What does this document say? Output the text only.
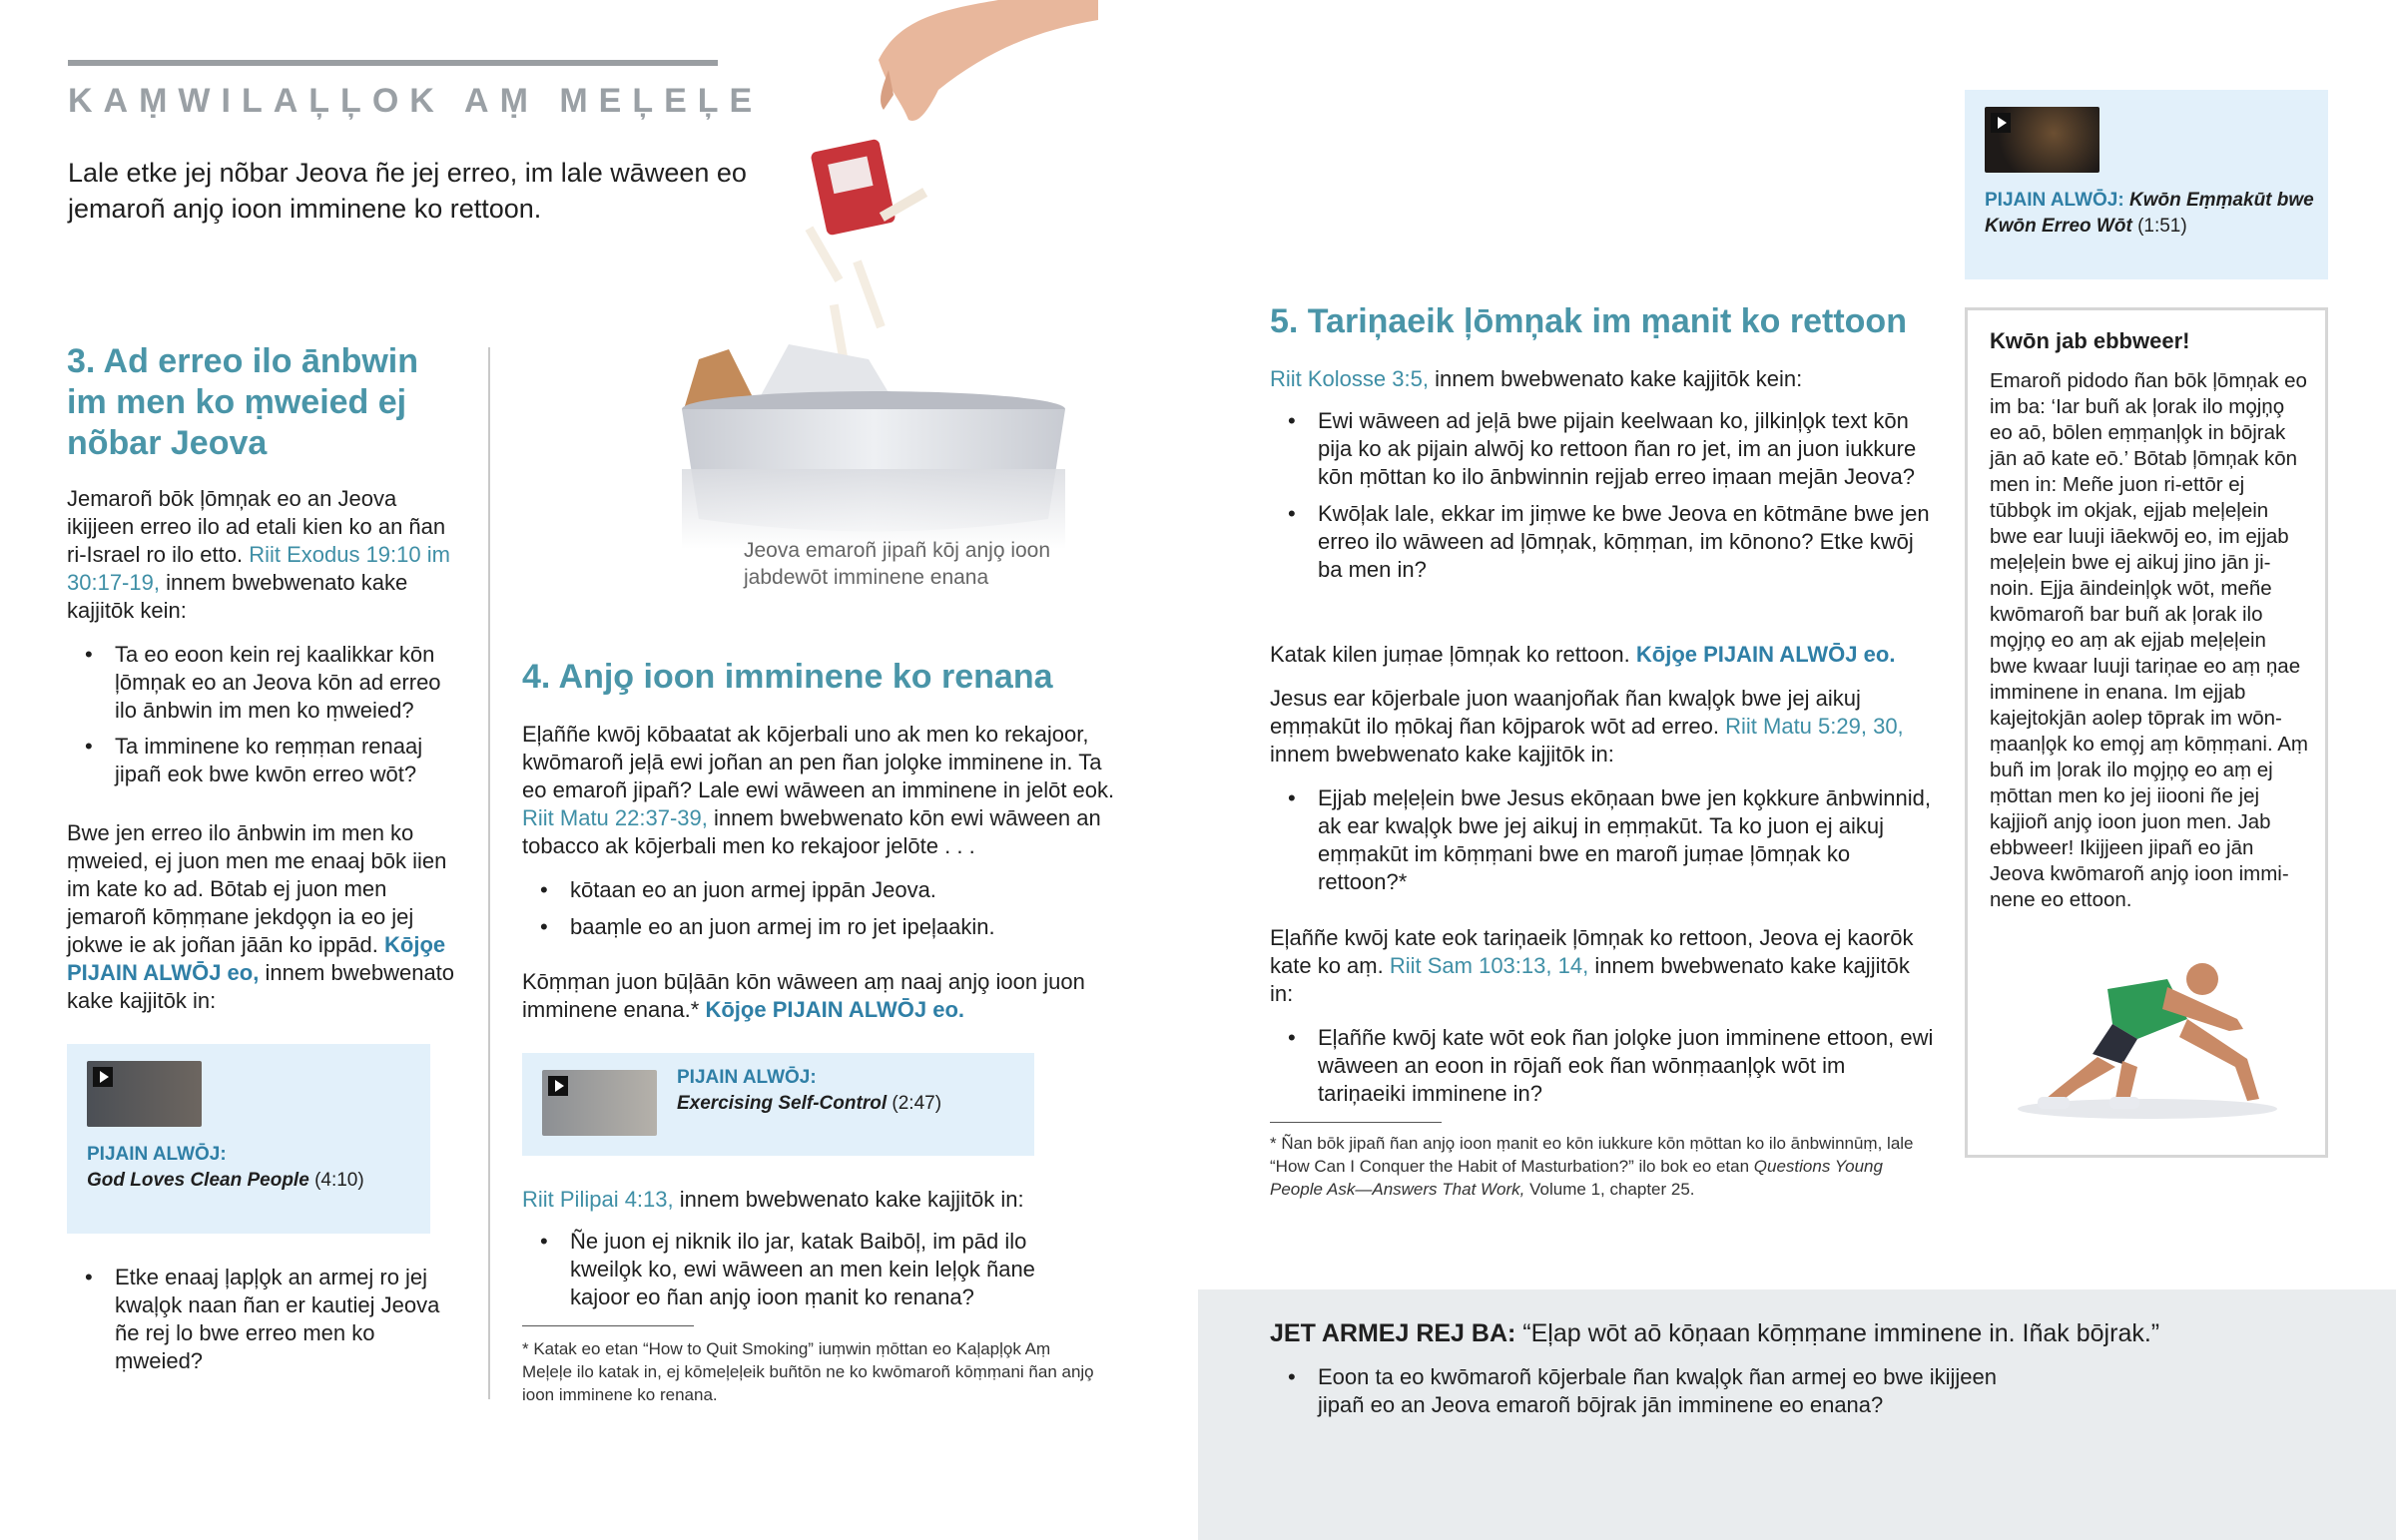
KAṂWILAĻĻOK AṂ MEĻEĻE

Lale etke jej nõbar Jeova ñe jej erreo, im lale wāween eo jemaroñ anjo̧ ioon imminene ko rettoon.

Jeova emaroñ jipañ kōj anjo̧ ioon jabdewōt imminene enana

3. Ad erreo ilo ānbwin im men ko ṃweied ej nõbar Jeova

Jemaroñ bōk ļōmņak eo an Jeova ikijjeen erreo ilo ad etali kien ko an ñan ri-Israel ro ilo etto. Riit Exodus 19:10 im 30:17-19, innem bwebwenato kake kajjitōk kein:

• Ta eo eoon kein rej kaalikkar kōn ļōmņak eo an Jeova kōn ad erreo ilo ānbwin im men ko ṃweied?
• Ta imminene ko reṃṃan renaaj jipañ eok bwe kwōn erreo wōt?

Bwe jen erreo ilo ānbwin im men ko ṃweied, ej juon men me enaaj bōk iien im kate ko ad. Bōtab ej juon men jemaroñ kōṃṃane jekdo̧o̧n ia eo jej jokwe ie ak joñan jāān ko ippād. Kōjo̧e PIJAIN ALWŌJ eo, innem bwebwenato kake kajjitōk in:

PIJAIN ALWŌJ:
God Loves Clean People (4:10)
• Etke enaaj ļapļo̧k an armej ro jej kwaļo̧k naan ñan er kautiej Jeova ñe rej lo bwe erreo men ko ṃweied?
4. Anjo̧ ioon imminene ko renana

Eļaññe kwōj kōbaatat ak kōjerbali uno ak men ko rekajoor, kwōmaroñ jeļā ewi joñan an pen ñan jolo̧ke imminene in. Ta eo emaroñ jipañ? Lale ewi wāween an imminene in jelōt eok. Riit Matu 22:37-39, innem bwebwenato kōn ewi wāween an tobacco ak kōjerbali men ko rekajoor jelōte . . .

• kōtaan eo an juon armej ippān Jeova.
• baaṃle eo an juon armej im ro jet ipeļaakin.

Kōṃṃan juon būļāān kōn wāween aṃ naaj anjo̧ ioon juon imminene enana.* Kōjo̧e PIJAIN ALWŌJ eo.

PIJAIN ALWŌJ:
Exercising Self-Control (2:47)

Riit Pilipai 4:13, innem bwebwenato kake kajjitōk in:

• Ñe juon ej niknik ilo jar, katak Baibōļ, im pād ilo kweilo̧k ko, ewi wāween an men kein leļo̧k ñane kajoor eo ñan anjo̧ ioon ṃanit ko renana?

* Katak eo etan “How to Quit Smoking” iuṃwin ṃōttan eo Kaļapļo̧k Aṃ Meļeļe ilo katak in, ej kōmeļeļeik buñtōn ne ko kwōmaroñ kōṃṃani ñan anjo̧ ioon imminene ko renana.

5. Tariņaeik ļōmņak im ṃanit ko rettoon

Riit Kolosse 3:5, innem bwebwenato kake kajjitōk kein:

• Ewi wāween ad jeļā bwe pijain keelwaan ko, jilkinļo̧k text kōn pija ko ak pijain alwōj ko rettoon ñan ro jet, im an juon iukkure kōn ṃōttan ko ilo ānbwinnin rejjab erreo iṃaan mejān Jeova?
• Kwōļak lale, ekkar im jiṃwe ke bwe Jeova en kōtmāne bwe jen erreo ilo wāween ad ļōmņak, kōṃṃan, im kōnono? Etke kwōj ba men in?

Katak kilen juṃae ļōmņak ko rettoon. Kōjo̧e PIJAIN ALWŌJ eo.

Jesus ear kōjerbale juon waanjoñak ñan kwaļo̧k bwe jej aikuj eṃṃakūt ilo ṃōkaj ñan kōjparok wōt ad erreo. Riit Matu 5:29, 30, innem bwebwenato kake kajjitōk in:

• Ejjab meļeļein bwe Jesus ekōņaan bwe jen ko̧kkure ānbwinnid, ak ear kwaļo̧k bwe jej aikuj in eṃṃakūt. Ta ko juon ej aikuj eṃṃakūt im kōṃṃani bwe en maroñ juṃae ļōmņak ko rettoon?*

Eļaññe kwōj kate eok tariņaeik ļōmņak ko rettoon, Jeova ej kaorōk kate ko aṃ. Riit Sam 103:13, 14, innem bwebwenato kake kajjitōk in:

• Eļaññe kwōj kate wōt eok ñan jolo̧ke juon imminene ettoon, ewi wāween an eoon in rōjañ eok ñan wōnṃaanļo̧k wōt im tariņaeiki imminene in?

* Ñan bōk jipañ ñan anjo̧ ioon ṃanit eo kōn iukkure kōn ṃōttan ko ilo ānbwinnūṃ, lale “How Can I Conquer the Habit of Masturbation?” ilo bok eo etan Questions Young People Ask—Answers That Work, Volume 1, chapter 25.

PIJAIN ALWŌJ: Kwōn Eṃṃakūt bwe Kwōn Erreo Wōt (1:51)
Kwōn jab ebbweer!

Emaroñ pidodo ñan bōk ļōmņak eo im ba: ‘Iar buñ ak ļorak ilo mo̧jņo̧ eo aō, bōlen eṃṃanļo̧k in bōjrak jān aō kate eō.’ Bōtab ļōmņak kōn men in: Meñe juon ri-ettōr ej tūbbo̧k im okjak, ejjab meļeļein bwe ear luuji iāekwōj eo, im ejjab meļeļein bwe ej aikuj jino jān ji-noin. Ejja āindeinļo̧k wōt, meñe kwōmaroñ bar buñ ak ļorak ilo mo̧jņo̧ eo aṃ ak ejjab meļeļein bwe kwaar luuji tariņae eo aṃ ņae imminene in enana. Im ejjab kajejtokjān aolep tōprak im wōn-ṃaanļo̧k ko emo̧j aṃ kōṃṃani. Aṃ buñ im ļorak ilo mo̧jņo̧ eo aṃ ej ṃōttan men ko jej iiooni ñe jej kajjioñ anjo̧ ioon juon men. Jab ebbweer! Ikijjeen jipañ eo jān Jeova kwōmaroñ anjo̧ ioon immi-nene eo ettoon.

JET ARMEJ REJ BA: “Eļap wōt aō kōņaan kōṃṃane imminene in. Iñak bōjrak.”

• Eoon ta eo kwōmaroñ kōjerbale ñan kwaļo̧k ñan armej eo bwe ikijjeen jipañ eo an Jeova emaroñ bōjrak jān imminene eo enana?
